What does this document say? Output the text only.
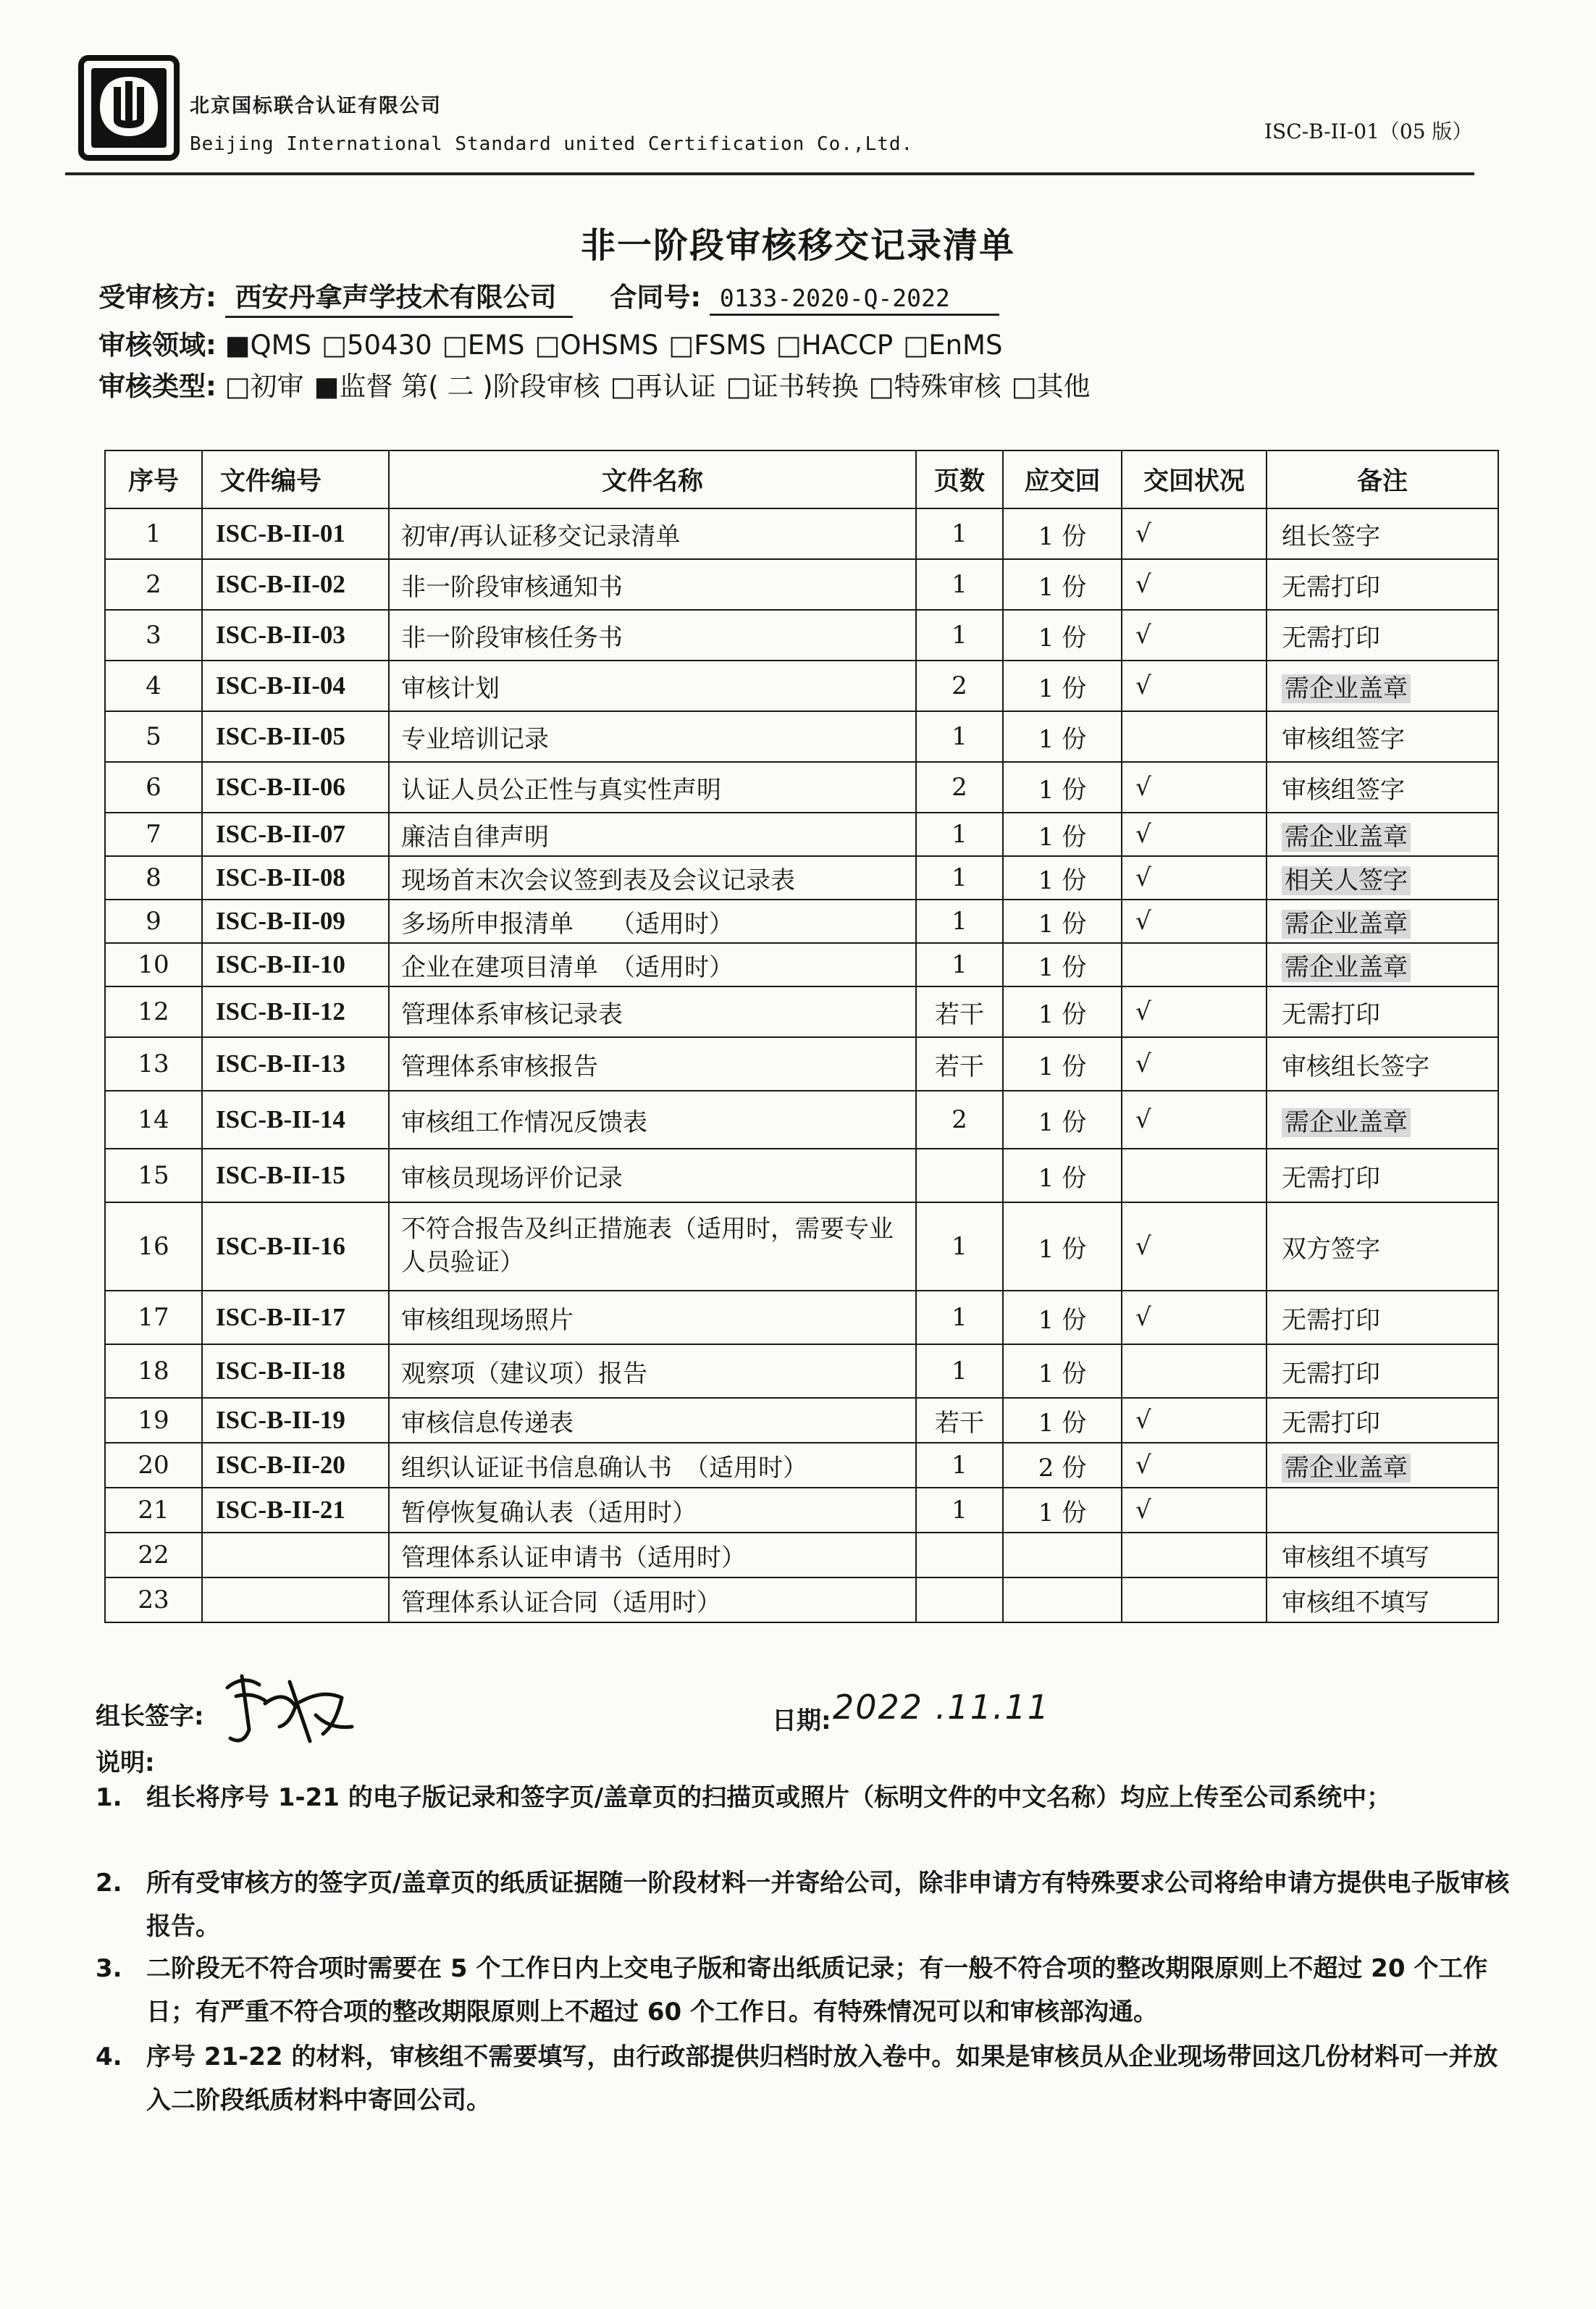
北京国标联合认证有限公司
Beijing International Standard united Certification Co.,Ltd.
ISC-B-II-01（05 版）
非一阶段审核移交记录清单
受审核方: 西安丹拿声学技术有限公司 合同号: 0133-2020-Q-2022
审核领域: ■QMS □50430 □EMS □OHSMS □FSMS □HACCP □EnMS
审核类型: □初审 ■监督 第( 二 )阶段审核 □再认证 □证书转换 □特殊审核 □其他
序号	文件编号	文件名称	页数	应交回	交回状况	备注
1	ISC-B-II-01	初审/再认证移交记录清单	1	1 份	√	组长签字
2	ISC-B-II-02	非一阶段审核通知书	1	1 份	√	无需打印
3	ISC-B-II-03	非一阶段审核任务书	1	1 份	√	无需打印
4	ISC-B-II-04	审核计划	2	1 份	√	需企业盖章
5	ISC-B-II-05	专业培训记录	1	1 份		审核组签字
6	ISC-B-II-06	认证人员公正性与真实性声明	2	1 份	√	审核组签字
7	ISC-B-II-07	廉洁自律声明	1	1 份	√	需企业盖章
8	ISC-B-II-08	现场首末次会议签到表及会议记录表	1	1 份	√	相关人签字
9	ISC-B-II-09	多场所申报清单　　（适用时）	1	1 份	√	需企业盖章
10	ISC-B-II-10	企业在建项目清单　（适用时）	1	1 份		需企业盖章
12	ISC-B-II-12	管理体系审核记录表	若干	1 份	√	无需打印
13	ISC-B-II-13	管理体系审核报告	若干	1 份	√	审核组长签字
14	ISC-B-II-14	审核组工作情况反馈表	2	1 份	√	需企业盖章
15	ISC-B-II-15	审核员现场评价记录		1 份		无需打印
16	ISC-B-II-16	不符合报告及纠正措施表（适用时，需要专业人员验证）	1	1 份	√	双方签字
17	ISC-B-II-17	审核组现场照片	1	1 份	√	无需打印
18	ISC-B-II-18	观察项（建议项）报告	1	1 份		无需打印
19	ISC-B-II-19	审核信息传递表	若干	1 份	√	无需打印
20	ISC-B-II-20	组织认证证书信息确认书　（适用时）	1	2 份	√	需企业盖章
21	ISC-B-II-21	暂停恢复确认表（适用时）	1	1 份	√	
22		管理体系认证申请书（适用时）				审核组不填写
23		管理体系认证合同（适用时）				审核组不填写
组长签字:	日期: 2022 .11.11
说明:
1. 组长将序号 1-21 的电子版记录和签字页/盖章页的扫描页或照片（标明文件的中文名称）均应上传至公司系统中；
2. 所有受审核方的签字页/盖章页的纸质证据随一阶段材料一并寄给公司，除非申请方有特殊要求公司将给申请方提供电子版审核报告。
3. 二阶段无不符合项时需要在 5 个工作日内上交电子版和寄出纸质记录；有一般不符合项的整改期限原则上不超过 20 个工作日；有严重不符合项的整改期限原则上不超过 60 个工作日。有特殊情况可以和审核部沟通。
4. 序号 21-22 的材料，审核组不需要填写，由行政部提供归档时放入卷中。如果是审核员从企业现场带回这几份材料可一并放入二阶段纸质材料中寄回公司。
